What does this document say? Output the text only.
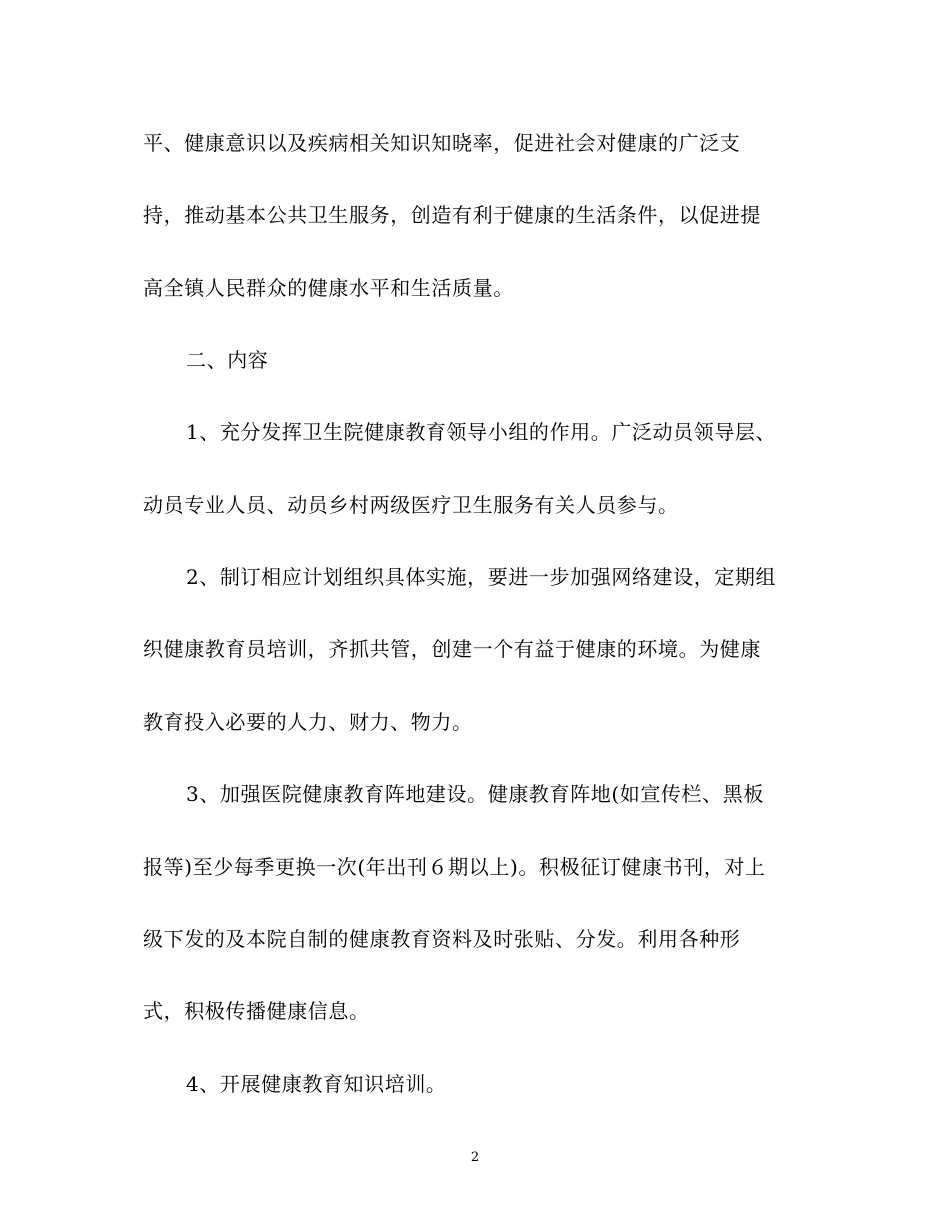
平、健康意识以及疾病相关知识知晓率，促进社会对健康的广泛支
持，推动基本公共卫生服务，创造有利于健康的生活条件，以促进提
高全镇人民群众的健康水平和生活质量。
二、内容
1、充分发挥卫生院健康教育领导小组的作用。广泛动员领导层、
动员专业人员、动员乡村两级医疗卫生服务有关人员参与。
2、制订相应计划组织具体实施，要进一步加强网络建设，定期组
织健康教育员培训，齐抓共管，创建一个有益于健康的环境。为健康
教育投入必要的人力、财力、物力。
3、加强医院健康教育阵地建设。健康教育阵地(如宣传栏、黑板
报等)至少每季更换一次(年出刊６期以上)。积极征订健康书刊，对上
级下发的及本院自制的健康教育资料及时张贴、分发。利用各种形
式，积极传播健康信息。
4、开展健康教育知识培训。
2
